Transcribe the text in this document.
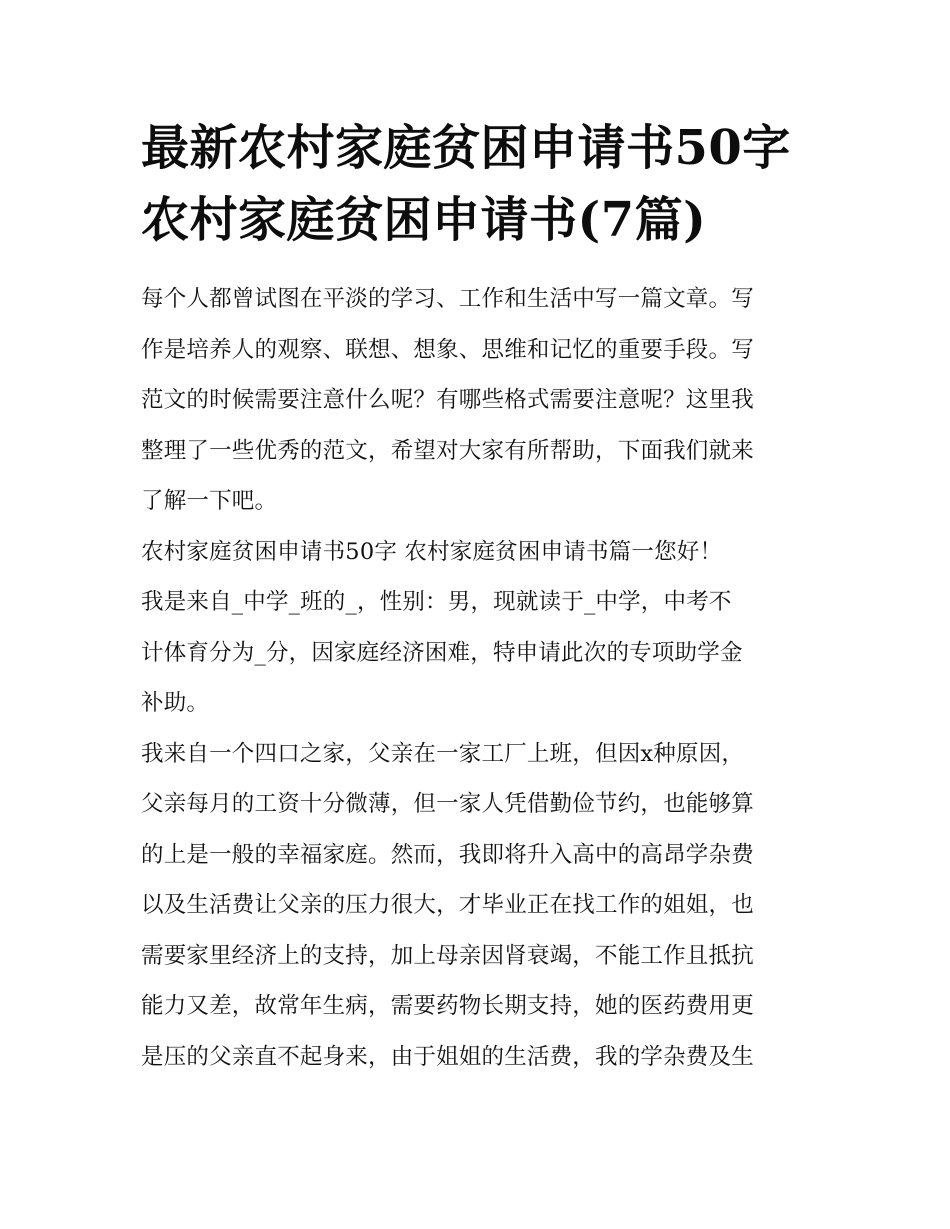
最新农村家庭贫困申请书50字
农村家庭贫困申请书(7篇)

每个人都曾试图在平淡的学习、工作和生活中写一篇文章。写
作是培养人的观察、联想、想象、思维和记忆的重要手段。写
范文的时候需要注意什么呢？有哪些格式需要注意呢？这里我
整理了一些优秀的范文，希望对大家有所帮助，下面我们就来
了解一下吧。

农村家庭贫困申请书50字 农村家庭贫困申请书篇一您好！

我是来自_中学_班的_，性别：男，现就读于_中学，中考不
计体育分为_分，因家庭经济困难，特申请此次的专项助学金
补助。

我来自一个四口之家，父亲在一家工厂上班，但因x种原因，
父亲每月的工资十分微薄，但一家人凭借勤俭节约，也能够算
的上是一般的幸福家庭。然而，我即将升入高中的高昂学杂费
以及生活费让父亲的压力很大，才毕业正在找工作的姐姐，也
需要家里经济上的支持，加上母亲因肾衰竭，不能工作且抵抗
能力又差，故常年生病，需要药物长期支持，她的医药费用更
是压的父亲直不起身来，由于姐姐的生活费，我的学杂费及生
